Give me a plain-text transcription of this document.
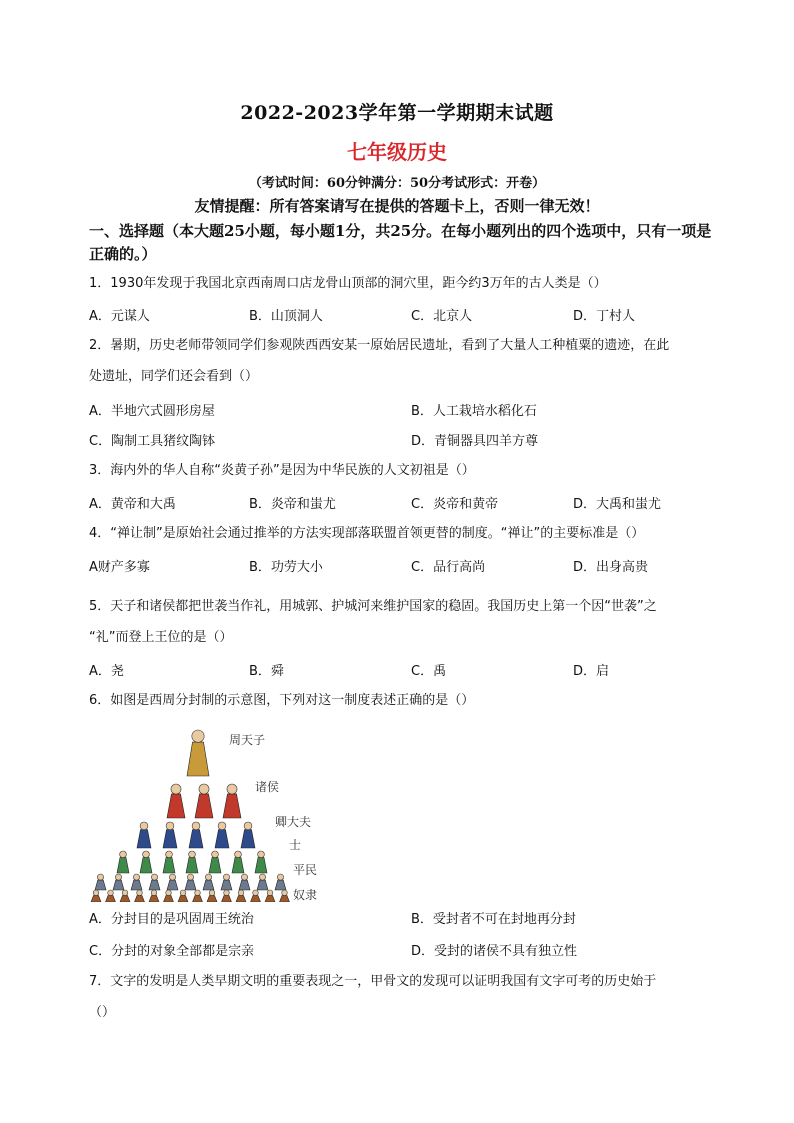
2022-2023学年第一学期期末试题
七年级历史
（考试时间：60分钟满分：50分考试形式：开卷）
友情提醒：所有答案请写在提供的答题卡上，否则一律无效！
一、选择题（本大题25小题，每小题1分，共25分。在每小题列出的四个选项中，只有一项是正确的。）
1．1930年发现于我国北京西南周口店龙骨山顶部的洞穴里，距今约3万年的古人类是（）
A．元谋人	B．山顶洞人	C．北京人	D．丁村人
2．暑期，历史老师带领同学们参观陕西西安某一原始居民遗址，看到了大量人工种植粟的遗迹，在此
处遗址，同学们还会看到（）
A．半地穴式圆形房屋	B．人工栽培水稻化石
C．陶制工具猪纹陶钵	D．青铜器具四羊方尊
3．海内外的华人自称“炎黄子孙”是因为中华民族的人文初祖是（）
A．黄帝和大禹	B．炎帝和蚩尤	C．炎帝和黄帝	D．大禹和蚩尤
4．“禅让制”是原始社会通过推举的方法实现部落联盟首领更替的制度。“禅让”的主要标准是（）
A财产多寡	B．功劳大小	C．品行高尚	D．出身高贵
5．天子和诸侯都把世袭当作礼，用城郭、护城河来维护国家的稳固。我国历史上第一个因“世袭”之
“礼”而登上王位的是（）
A．尧	B．舜	C．禹	D．启
6．如图是西周分封制的示意图，下列对这一制度表述正确的是（）
周天子
诸侯
卿大夫
士
平民
奴隶
A．分封目的是巩固周王统治	B．受封者不可在封地再分封
C．分封的对象全部都是宗亲	D．受封的诸侯不具有独立性
7．文字的发明是人类早期文明的重要表现之一，甲骨文的发现可以证明我国有文字可考的历史始于
（）
